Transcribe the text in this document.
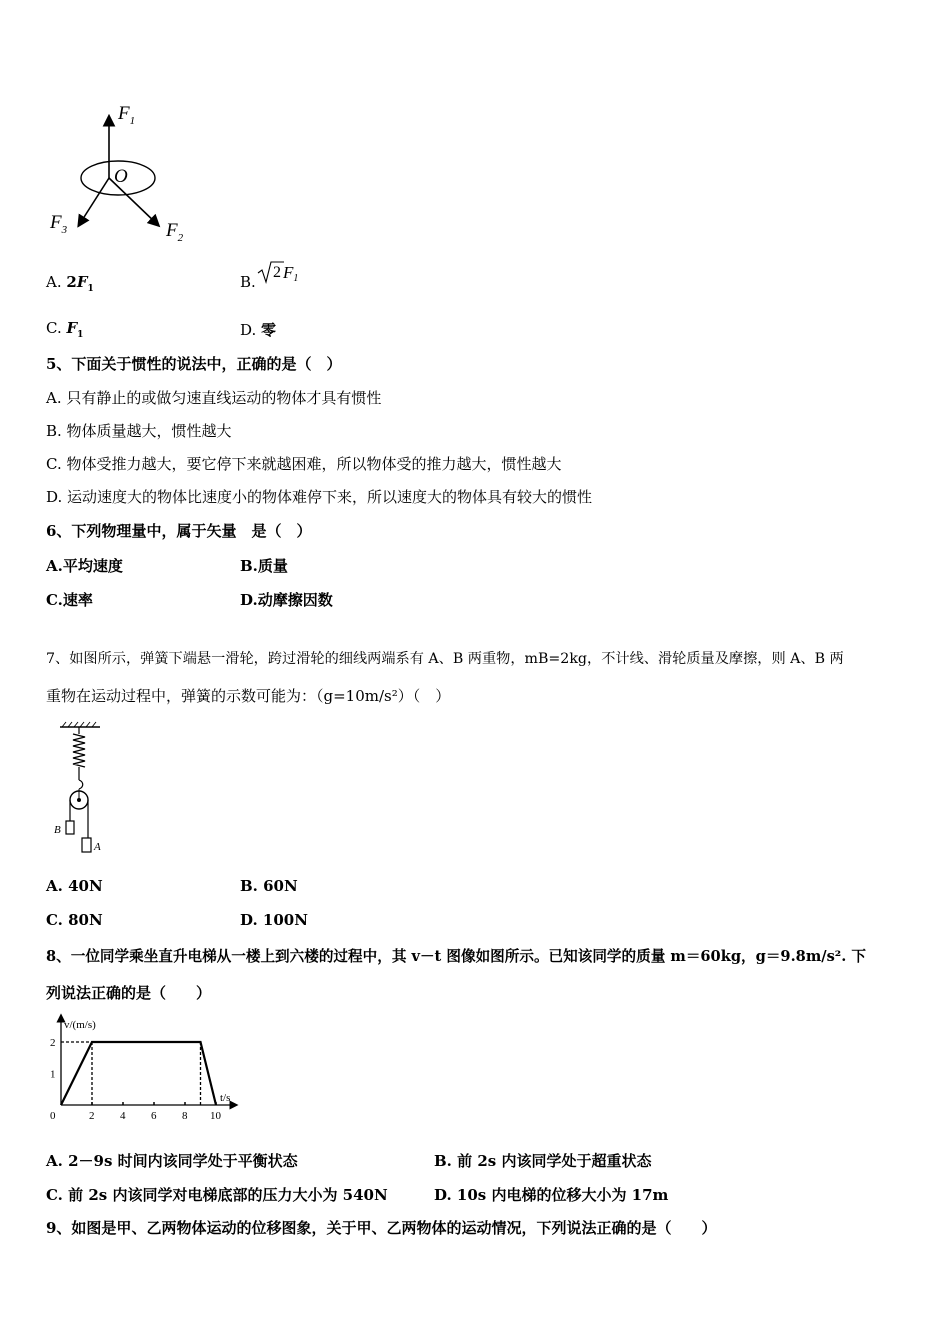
$F_1$
O
$F_3$	$F_2$
A. $2F_1$	B.
2 F1
C. $F_1$	D. 零
5、下面关于惯性的说法中，正确的是（　）
A. 只有静止的或做匀速直线运动的物体才具有惯性
B. 物体质量越大，惯性越大
C. 物体受推力越大，要它停下来就越困难，所以物体受的推力越大，惯性越大
D. 运动速度大的物体比速度小的物体难停下来，所以速度大的物体具有较大的惯性
6、下列物理量中，属于矢量　是（　）
A.平均速度	B.质量
C.速率	D.动摩擦因数
7、如图所示，弹簧下端悬一滑轮，跨过滑轮的细线两端系有 A、B 两重物，mB=2kg，不计线、滑轮质量及摩擦，则 A、B 两
重物在运动过程中，弹簧的示数可能为：（g=10m/s²）（　）
B
A
A. 40N	B. 60N
C. 80N	D. 100N
8、一位同学乘坐直升电梯从一楼上到六楼的过程中，其 v－t 图像如图所示。已知该同学的质量 m＝60kg，g＝9.8m/s². 下
列说法正确的是（　　）
v/(m/s)
t/s
1
2
0	2 4 6 8 10
A. 2－9s 时间内该同学处于平衡状态	B. 前 2s 内该同学处于超重状态
C. 前 2s 内该同学对电梯底部的压力大小为 540N	D. 10s 内电梯的位移大小为 17m
9、如图是甲、乙两物体运动的位移图象，关于甲、乙两物体的运动情况，下列说法正确的是（　　）
